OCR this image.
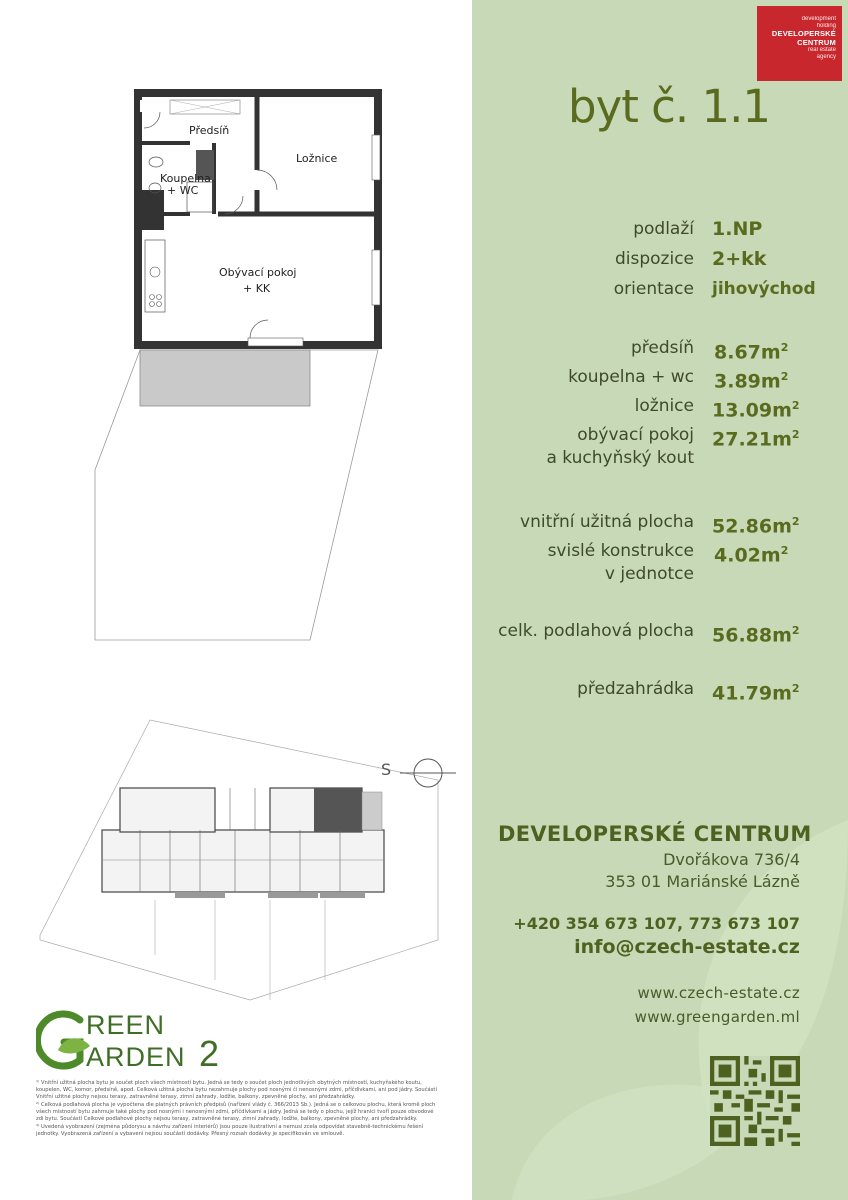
Předsíň
Ložnice
Koupelna
+ WC
Obývací pokoj
+ KK
S
REEN
ARDEN 2

¹⁾ Vnitřní užitná plocha bytu je součet ploch všech místností bytu. Jedná se tedy o součet ploch jednotlivých obytných místností, kuchyňského koutu, koupelen, WC, komor, předsíně, apod. Celková užitná plocha bytu nezahrnuje plochy pod nosnými či nenosnými zdmi, příčdívkami, ani pod jádry. Součástí Vnitřní užitné plochy nejsou terasy, zatravněné terasy, zimní zahrady, lodžie, balkony, zpevněné plochy, ani předzahrádky.

²⁾ Celková podlahová plocha je vypočtena dle platných právních předpisů (nařízení vlády č. 366/2013 Sb.). Jedná se o celkovou plochu, která kromě ploch všech místností bytu zahrnuje také plochy pod nosnými i nenosnými zdmi, příčdívkami a jádry. Jedná se tedy o plochu, jejíž hranici tvoří pouze obvodové zdi bytu. Součástí Celkové podlahové plochy nejsou terasy, zatravněné terasy, zimní zahrady, lodžie, balkony, zpevněné plochy, ani předzahrádky.

³⁾ Uvedená vyobrazení (zejména půdorysu a návrhu zařízení interiérů) jsou pouze ilustrativní a nemusí zcela odpovídat stavebně-technickému řešení jednotky. Vyobrazená zařízení a vybavení nejsou součástí dodávky. Přesný rozsah dodávky je specifikován ve smlouvě.

development
holding
DEVELOPERSKÉ
CENTRUM
real estate
agency
byt č. 1.1
podlaží 1.NP
dispozice 2+kk
orientace jihovýchod
předsíň $8.67m^2$
koupelna + wc $3.89m^2$
ložnice $13.09m^2$
obývací pokoj $27.21m^2$
a kuchyňský kout
vnitřní užitná plocha $52.86m^2$
svislé konstrukce $4.02m^2$
v jednotce
celk. podlahová plocha $56.88m^2$
předzahrádka $41.79m^2$
DEVELOPERSKÉ CENTRUM
Dvořákova 736/4
353 01 Mariánské Lázně
+420 354 673 107, 773 673 107
info@czech-estate.cz
www.czech-estate.cz
www.greengarden.ml
